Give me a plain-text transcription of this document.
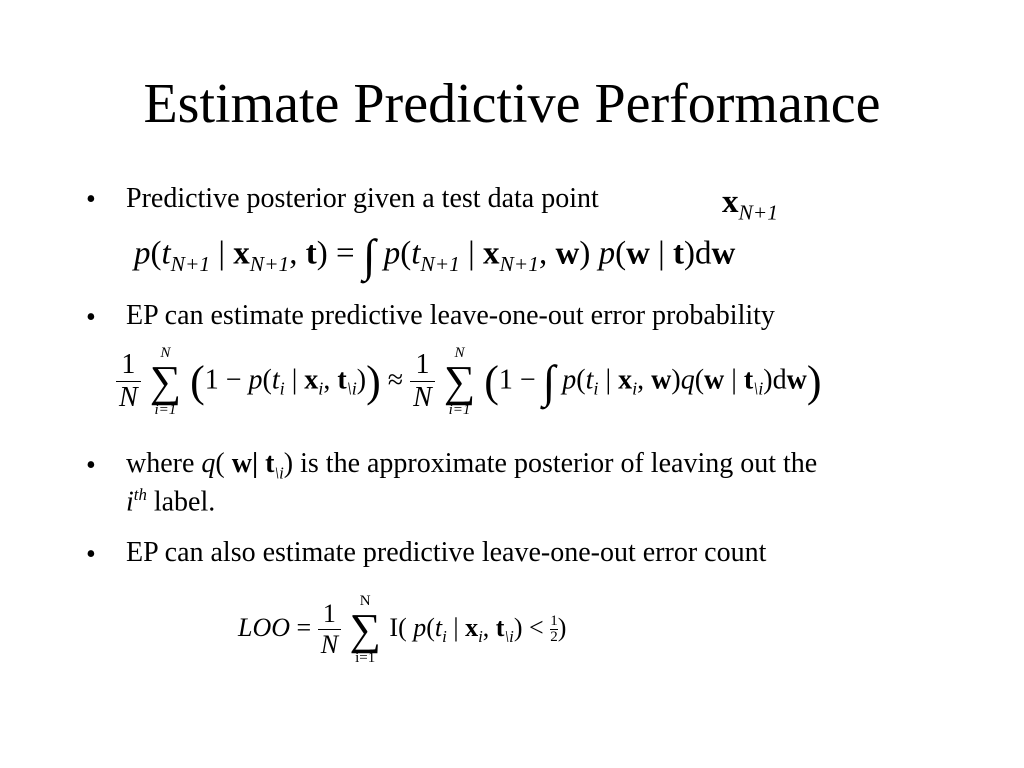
Estimate Predictive Performance
• Predictive posterior given a test data point	$x_{N+1}$
$p(t_{N+1}$ | $x_{N+1}$, t) = ∫ $p(t_{N+1}$ | $x_{N+1}$, w) p(w | t)dw
• EP can estimate predictive leave-one-out error probability
$\frac{1}{N}$
	N
∑
i=1
($1 - p(t_i$ | $x_i$, $t_{\backslash i})) \approx \frac{1}{N}$
	N
∑
i=1
(1 − ∫ $p(t_i$ | $x_i$, w)q(w | $t_{\backslash i})dw$)
• where q( w| $t_{\backslash i}$) is the approximate posterior of leaving out the
$i^{th}$ label.
• EP can also estimate predictive leave-one-out error count
LOO = $\frac{1}{N}$

N
∑
i=1
I( $p(t_i$ | $x_i$, $t_{\backslash i}) < \frac{1}{2}$ )
